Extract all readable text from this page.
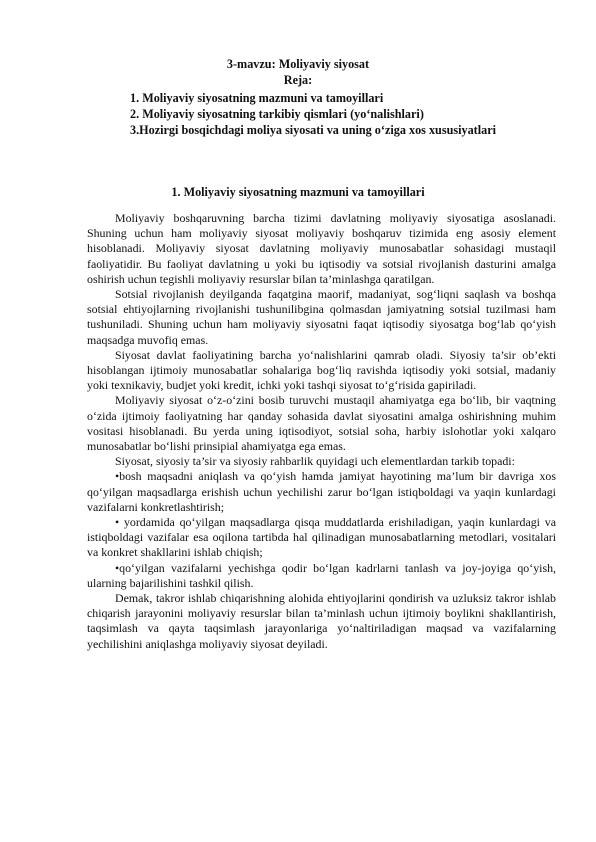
3-mavzu: Moliyaviy siyosat
Reja:
1. Moliyaviy siyosatning mazmuni va tamoyillari
2. Moliyaviy siyosatning tarkibiy qismlari (yo‘nalishlari)
3.Hozirgi bosqichdagi moliya siyosati va uning o‘ziga xos xususiyatlari
1. Moliyaviy siyosatning mazmuni va tamoyillari

Moliyaviy boshqaruvning barcha tizimi davlatning moliyaviy siyosatiga asoslanadi. Shuning uchun ham moliyaviy siyosat moliyaviy boshqaruv tizimida eng asosiy element hisoblanadi. Moliyaviy siyosat davlatning moliyaviy munosabatlar sohasidagi mustaqil faoliyatidir. Bu faoliyat davlatning u yoki bu iqtisodiy va sotsial rivojlanish dasturini amalga oshirish uchun tegishli moliyaviy resurslar bilan ta’minlashga qaratilgan.

Sotsial rivojlanish deyilganda faqatgina maorif, madaniyat, sog‘liqni saqlash va boshqa sotsial ehtiyojlarning rivojlanishi tushunilibgina qolmasdan jamiyatning sotsial tuzilmasi ham tushuniladi. Shuning uchun ham moliyaviy siyosatni faqat iqtisodiy siyosatga bog‘lab qo‘yish maqsadga muvofiq emas.

Siyosat davlat faoliyatining barcha yo‘nalishlarini qamrab oladi. Siyosiy ta’sir ob’ekti hisoblangan ijtimoiy munosabatlar sohalariga bog‘liq ravishda iqtisodiy yoki sotsial, madaniy yoki texnikaviy, budjet yoki kredit, ichki yoki tashqi siyosat to‘g‘risida gapiriladi.

Moliyaviy siyosat o‘z-o‘zini bosib turuvchi mustaqil ahamiyatga ega bo‘lib, bir vaqtning o‘zida ijtimoiy faoliyatning har qanday sohasida davlat siyosatini amalga oshirishning muhim vositasi hisoblanadi. Bu yerda uning iqtisodiyot, sotsial soha, harbiy islohotlar yoki xalqaro munosabatlar bo‘lishi prinsipial ahamiyatga ega emas.

Siyosat, siyosiy ta’sir va siyosiy rahbarlik quyidagi uch elementlardan tarkib topadi:

•bosh maqsadni aniqlash va qo‘yish hamda jamiyat hayotining ma’lum bir davriga xos qo‘yilgan maqsadlarga erishish uchun yechilishi zarur bo‘lgan istiqboldagi va yaqin kunlardagi vazifalarni konkretlashtirish;

• yordamida qo‘yilgan maqsadlarga qisqa muddatlarda erishiladigan, yaqin kunlardagi va istiqboldagi vazifalar esa oqilona tartibda hal qilinadigan munosabatlarning metodlari, vositalari va konkret shakllarini ishlab chiqish;

•qo‘yilgan vazifalarni yechishga qodir bo‘lgan kadrlarni tanlash va joy-joyiga qo‘yish, ularning bajarilishini tashkil qilish.

Demak, takror ishlab chiqarishning alohida ehtiyojlarini qondirish va uzluksiz takror ishlab chiqarish jarayonini moliyaviy resurslar bilan ta’minlash uchun ijtimoiy boylikni shakllantirish, taqsimlash va qayta taqsimlash jarayonlariga yo‘naltiriladigan maqsad va vazifalarning yechilishini aniqlashga moliyaviy siyosat deyiladi.
